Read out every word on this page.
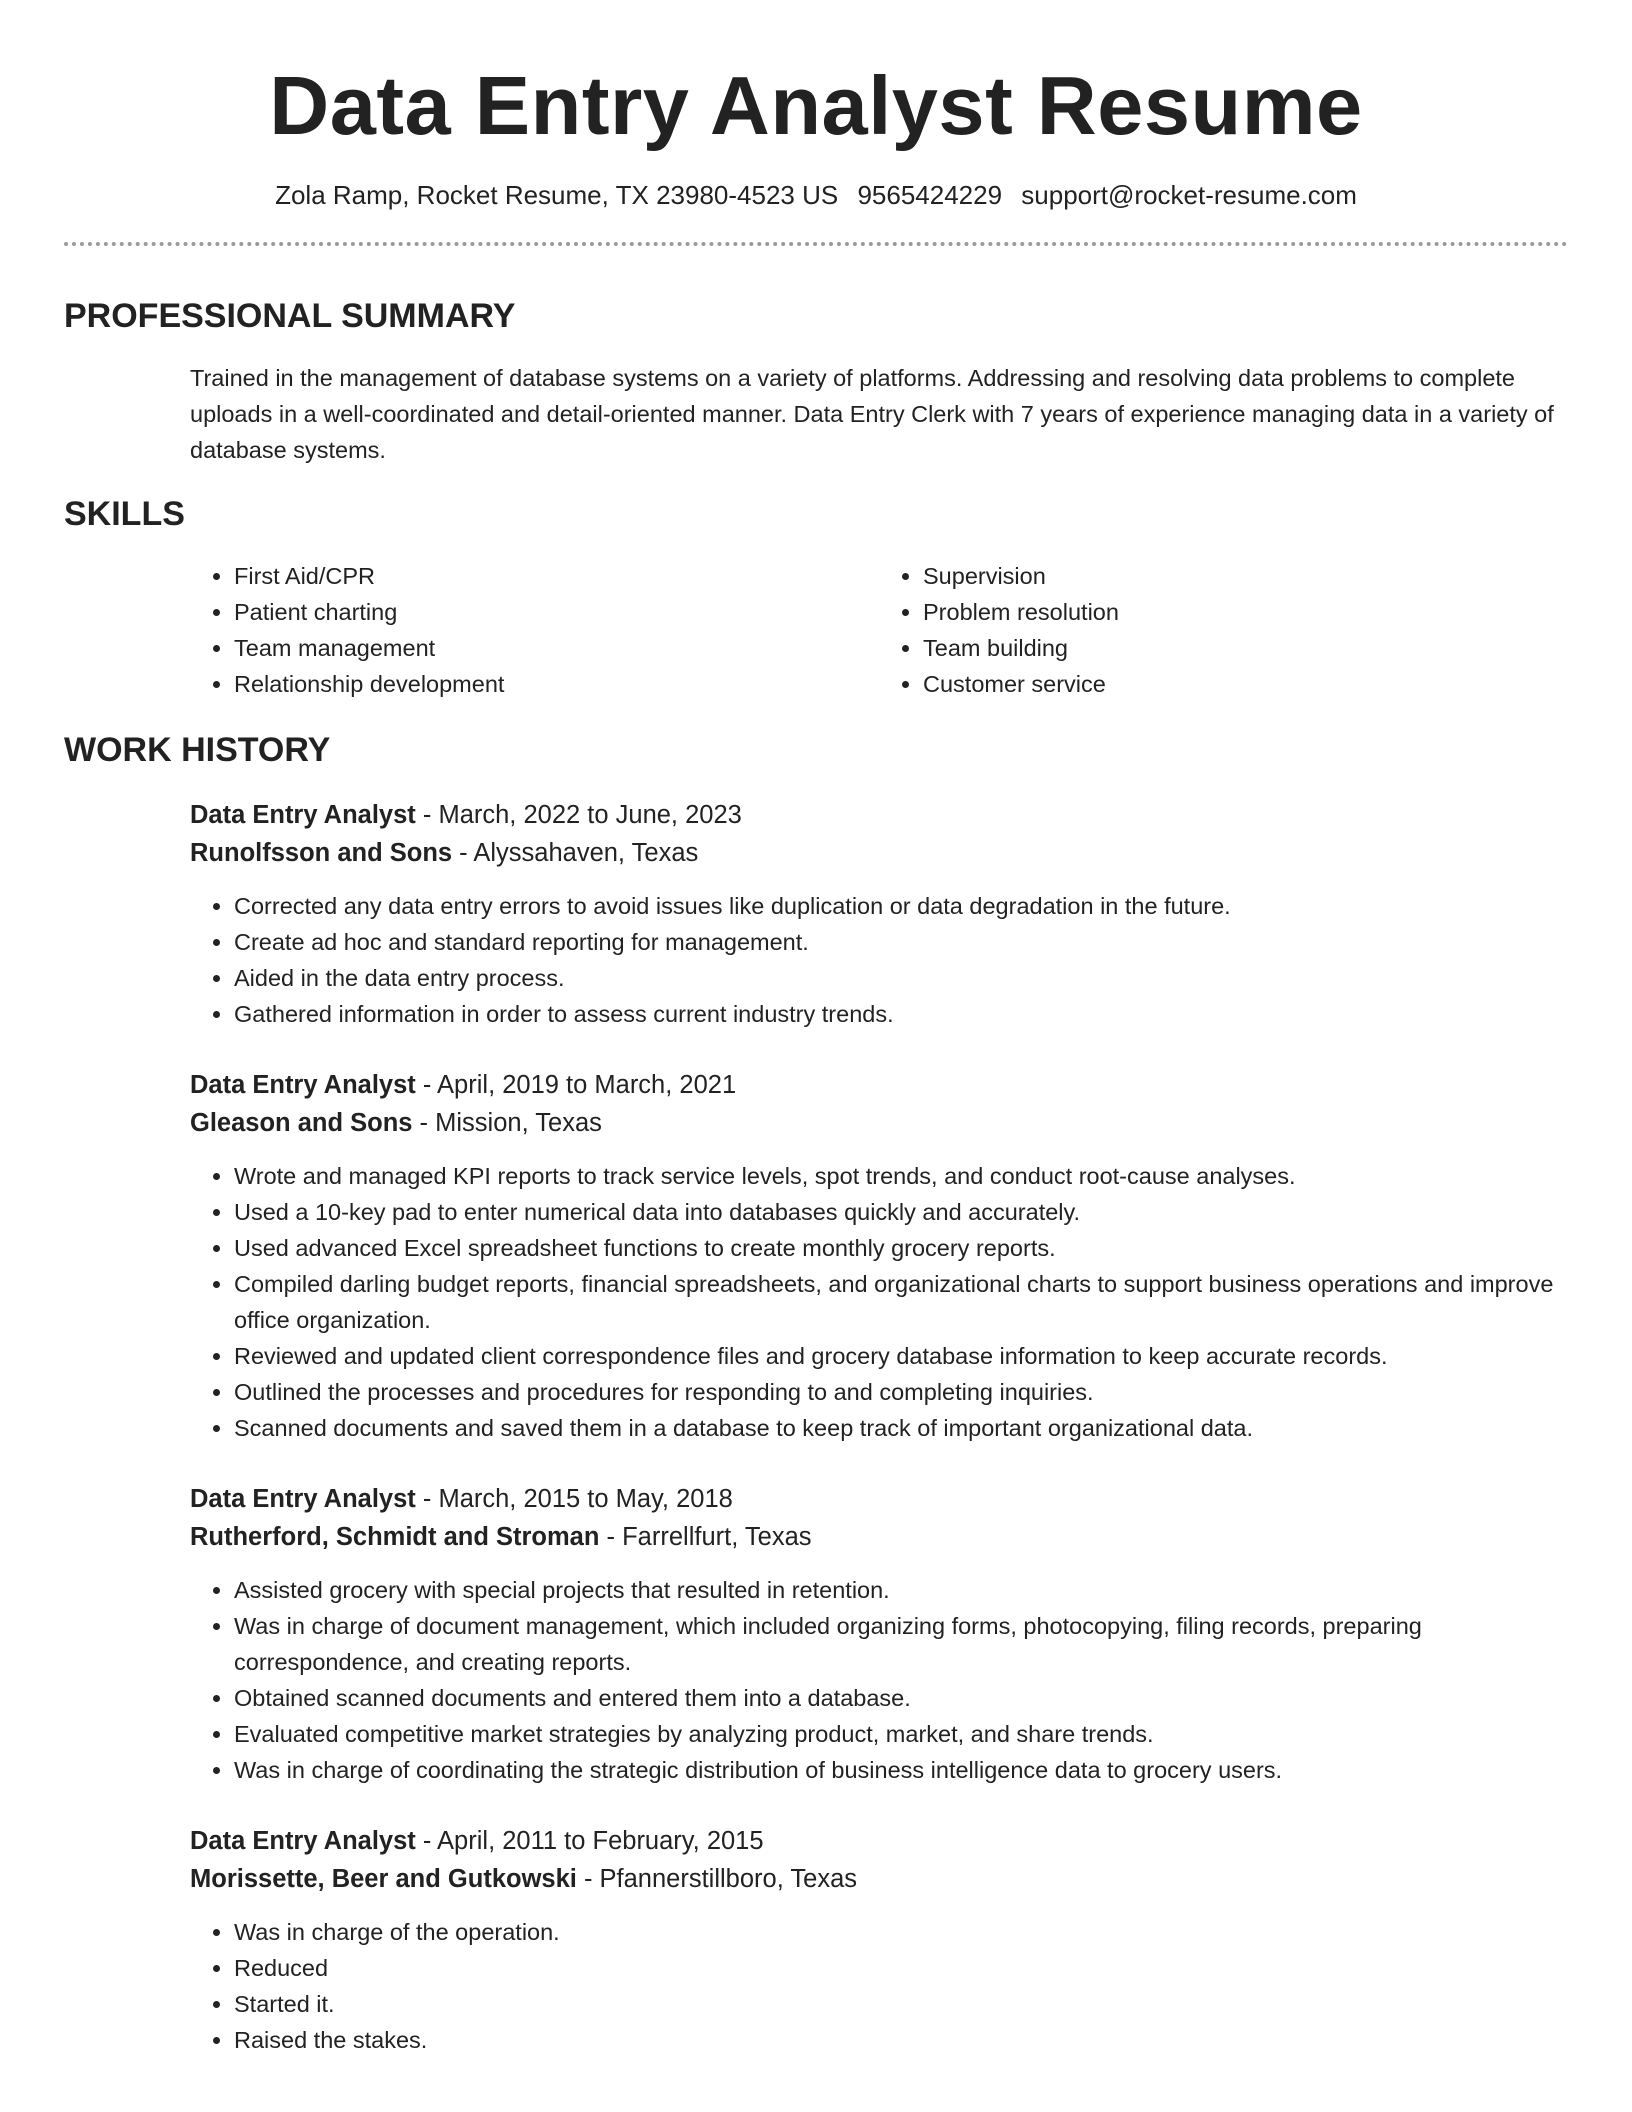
Data Entry Analyst Resume
Zola Ramp, Rocket Resume, TX 23980-4523 US 9565424229 support@rocket-resume.com
PROFESSIONAL SUMMARY

Trained in the management of database systems on a variety of platforms. Addressing and resolving data problems to complete uploads in a well-coordinated and detail-oriented manner. Data Entry Clerk with 7 years of experience managing data in a variety of database systems.

SKILLS
• First Aid/CPR
• Patient charting
• Team management
• Relationship development
• Supervision
• Problem resolution
• Team building
• Customer service
WORK HISTORY
Data Entry Analyst - March, 2022 to June, 2023
Runolfsson and Sons - Alyssahaven, Texas
• Corrected any data entry errors to avoid issues like duplication or data degradation in the future.
• Create ad hoc and standard reporting for management.
• Aided in the data entry process.
• Gathered information in order to assess current industry trends.
Data Entry Analyst - April, 2019 to March, 2021
Gleason and Sons - Mission, Texas
• Wrote and managed KPI reports to track service levels, spot trends, and conduct root-cause analyses.
• Used a 10-key pad to enter numerical data into databases quickly and accurately.
• Used advanced Excel spreadsheet functions to create monthly grocery reports.
• Compiled darling budget reports, financial spreadsheets, and organizational charts to support business operations and improve office organization.
• Reviewed and updated client correspondence files and grocery database information to keep accurate records.
• Outlined the processes and procedures for responding to and completing inquiries.
• Scanned documents and saved them in a database to keep track of important organizational data.
Data Entry Analyst - March, 2015 to May, 2018
Rutherford, Schmidt and Stroman - Farrellfurt, Texas
• Assisted grocery with special projects that resulted in retention.
• Was in charge of document management, which included organizing forms, photocopying, filing records, preparing correspondence, and creating reports.
• Obtained scanned documents and entered them into a database.
• Evaluated competitive market strategies by analyzing product, market, and share trends.
• Was in charge of coordinating the strategic distribution of business intelligence data to grocery users.
Data Entry Analyst - April, 2011 to February, 2015
Morissette, Beer and Gutkowski - Pfannerstillboro, Texas
• Was in charge of the operation.
• Reduced
• Started it.
• Raised the stakes.
